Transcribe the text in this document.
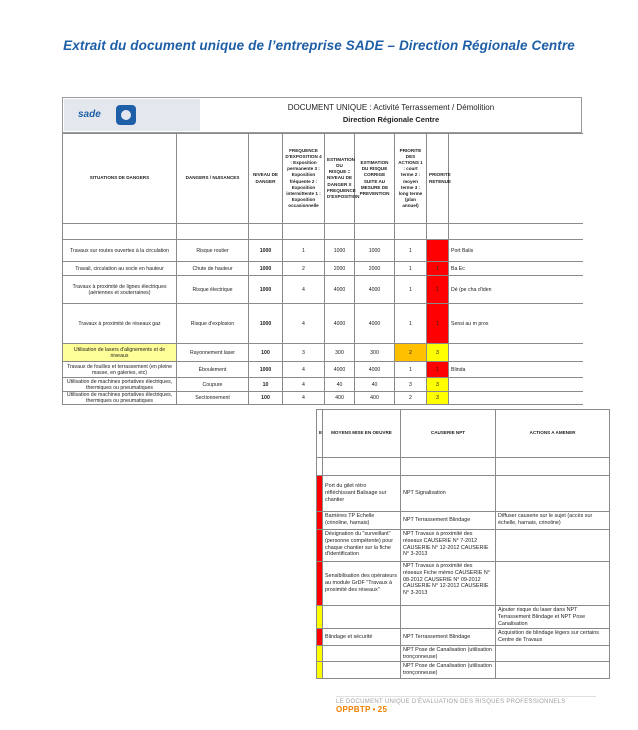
Extrait du document unique de l’entreprise SADE – Direction Régionale Centre
sade
DOCUMENT UNIQUE : Activité Terrassement / Démolition
Direction Régionale Centre
SITUATIONS DE DANGERS	DANGERS / NUISANCES	NIVEAU DE DANGER	FREQUENCE D'EXPOSITION 4 : Exposition permanente 3 : Exposition fréquente 2 : Exposition intermittente 1 : Exposition occasionnelle	ESTIMATION DU RISQUE = NIVEAU DE DANGER X FREQUENCE D'EXPOSITION	ESTIMATION DU RISQUE CORRIGE SUITE AU MESURE DE PREVENTION	PRIORITE DES ACTIONS 1 : court terme 2 : moyen terme 3 : long terme (plan annuel)	PRIORITE RETENUE	

Travaux sur routes ouvertes à la circulation	Risque routier	1000	1	1000	1000	1		Port Balis
Travail, circulation au socle en hauteur	Chute de hauteur	1000	2	2000	2000	1	1	Ba Ec
Travaux à proximité de lignes électriques (aériennes et souterraines)	Risque électrique	1000	4	4000	4000	1	1	Dé (pe cha d'iden
Travaux à proximité de réseaux gaz	Risque d'explosion	1000	4	4000	4000	1	1	Sensi au m prox
Utilisation de lasers d'alignements et de niveaux	Rayonnement laser	100	3	300	300	2	3	
Travaux de fouilles et terrassement (en pleine masse, en galeries, etc)	Éboulement	1000	4	4000	4000	1	1	Blinda
Utilisation de machines portatives électriques, thermiques ou pneumatiques	Coupure	10	4	40	40	3	3	
Utilisation de machines portatives électriques, thermiques ou pneumatiques	Sectionnement	100	4	400	400	2	3	
E	MOYENS MISE EN OEUVRE	CAUSERIE NPT	ACTIONS A AMENER

	Port du gilet rétro réfléchissant Balisage sur chantier	NPT Signalisation	
	Barrières TP Echelle (crinoline, harnais)	NPT Terrassement Blindage	Diffuser causerie sur le sujet (accès sur échelle, harnais, crinoline)
	Désignation du "surveillant" (personne compétente) pour chaque chantier sur la fiche d'identification	NPT Travaux à proximité des réseaux CAUSERIE N° 7-2012 CAUSERIE N° 12-2012 CAUSERIE N° 3-2013	
	Sensibilisation des opérateurs au module GrDF "Travaux à proximité des réseaux"	NPT Travaux à proximité des réseaux Fiche mémo CAUSERIE N° 08-2012 CAUSERIE N° 09-2012 CAUSERIE N° 12-2012 CAUSERIE N° 3-2013	
			Ajouter risque du laser dans NPT Terrassement Blindage et NPT Pose Canalisation
	Blindage et sécurité	NPT Terrassement Blindage	Acquisition de blindage légers sur certains Centre de Travaux
		NPT Pose de Canalisation (utilisation tronçonneuse)	
		NPT Pose de Canalisation (utilisation tronçonneuse)	
LE DOCUMENT UNIQUE D'ÉVALUATION DES RISQUES PROFESSIONNELS    OPPBTP • 25
